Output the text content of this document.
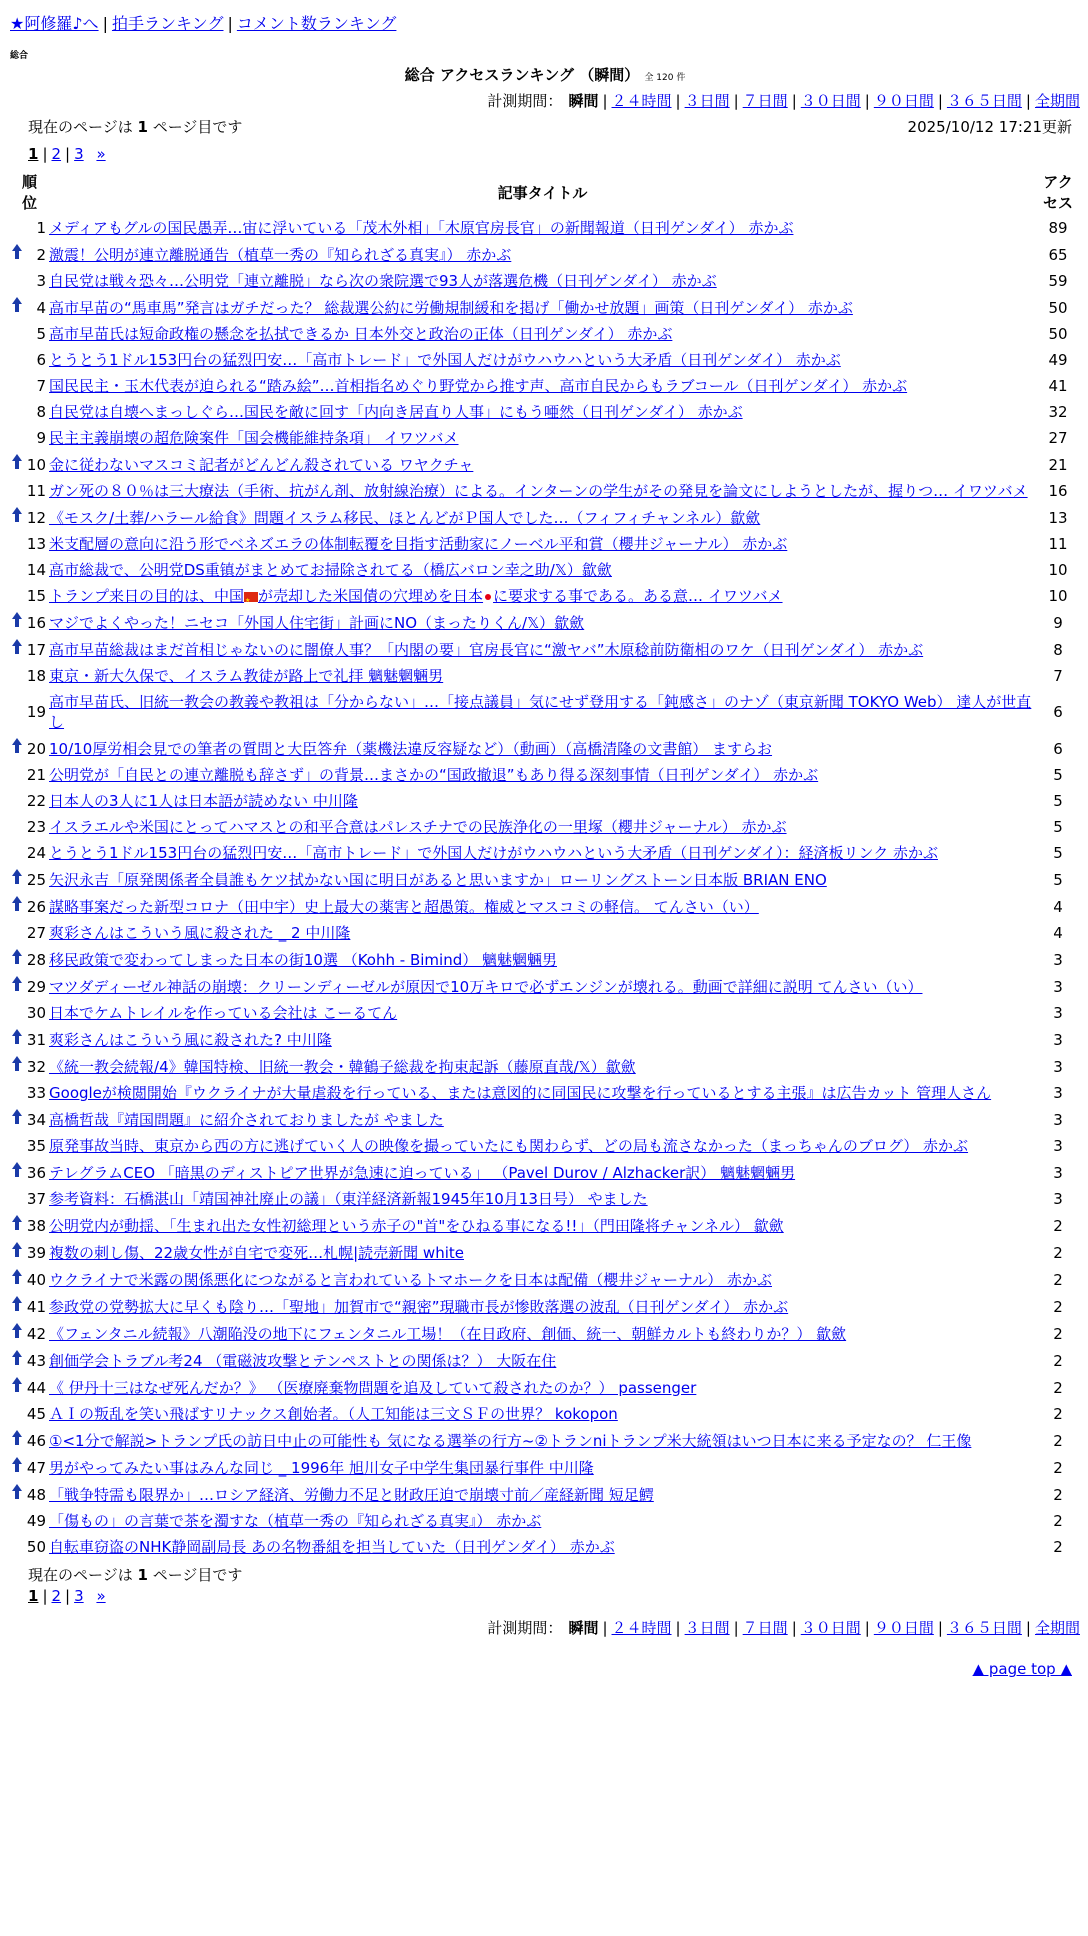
★阿修羅♪へ | 拍手ランキング | コメント数ランキング
総合
総合 アクセスランキング （瞬間） 全 120 件
計測期間： 瞬間 | ２４時間 | ３日間 | ７日間 | ３０日間 | ９０日間 | ３６５日間 | 全期間
現在のページは 1 ページ目です	2025/10/12 17:21更新
1 | 2 | 3 »
順
位		記事タイトル	アク
セス
	1	メディアもグルの国民愚弄…宙に浮いている「茂木外相」「木原官房長官」の新聞報道（日刊ゲンダイ） 赤かぶ	89
	2	激震！公明が連立離脱通告（植草一秀の『知られざる真実』） 赤かぶ	65
	3	自民党は戦々恐々…公明党「連立離脱」なら次の衆院選で93人が落選危機（日刊ゲンダイ） 赤かぶ	59
	4	高市早苗の“馬車馬”発言はガチだった？ 総裁選公約に労働規制緩和を掲げ「働かせ放題」画策（日刊ゲンダイ） 赤かぶ	50
	5	高市早苗氏は短命政権の懸念を払拭できるか 日本外交と政治の正体（日刊ゲンダイ） 赤かぶ	50
	6	とうとう1ドル153円台の猛烈円安…「高市トレード」で外国人だけがウハウハという大矛盾（日刊ゲンダイ） 赤かぶ	49
	7	国民民主・玉木代表が迫られる“踏み絵”…首相指名めぐり野党から推す声、高市自民からもラブコール（日刊ゲンダイ） 赤かぶ	41
	8	自民党は自壊へまっしぐら…国民を敵に回す「内向き居直り人事」にもう唖然（日刊ゲンダイ） 赤かぶ	32
	9	民主主義崩壊の超危険案件「国会機能維持条項」 イワツバメ	27
	10	金に従わないマスコミ記者がどんどん殺されている ワヤクチャ	21
	11	ガン死の８０％は三大療法（手術、抗がん剤、放射線治療）による。インターンの学生がその発見を論文にしようとしたが、握りつ… イワツバメ	16
	12	《モスク/土葬/ハラール給食》問題イスラム移民、ほとんどがＰ国人でした…（フィフィチャンネル）歙歛	13
	13	米支配層の意向に沿う形でベネズエラの体制転覆を目指す活動家にノーベル平和賞（櫻井ジャーナル） 赤かぶ	11
	14	高市総裁で、公明党DS重镇がまとめてお掃除されてる（橋広バロン幸之助/𝕏）歙歛	10
	15	トランプ来日の目的は、中国 ★ が売却した米国債の穴埋めを日本 に要求する事である。ある意… イワツバメ	10
	16	マジでよくやった！ニセコ「外国人住宅街」計画にNO（まったりくん/𝕏）歙歛	9
	17	高市早苗総裁はまだ首相じゃないのに闇僚人事？「内閣の要」官房長官に“激ヤバ”木原稔前防衛相のワケ（日刊ゲンダイ） 赤かぶ	8
	18	東京・新大久保で、イスラム教徒が路上で礼拝 魑魅魍魎男	7
	19	高市早苗氏、旧統一教会の教義や教祖は「分からない」…「接点議員」気にせず登用する「鈍感さ」のナゾ（東京新聞 TOKYO Web） 達人が世直し	6
	20	10/10厚労相会見での筆者の質問と大臣答弁（薬機法違反容疑など）（動画）（高橋清隆の文書館） ますらお	6
	21	公明党が「自民との連立離脱も辞さず」の背景…まさかの“国政撤退”もあり得る深刻事情（日刊ゲンダイ） 赤かぶ	5
	22	日本人の3人に1人は日本語が読めない 中川隆	5
	23	イスラエルや米国にとってハマスとの和平合意はパレスチナでの民族浄化の一里塚（櫻井ジャーナル） 赤かぶ	5
	24	とうとう1ドル153円台の猛烈円安…「高市トレード」で外国人だけがウハウハという大矛盾（日刊ゲンダイ）：経済板リンク 赤かぶ	5
	25	矢沢永吉「原発関係者全員誰もケツ拭かない国に明日があると思いますか」ローリングストーン日本版 BRIAN ENO	5
	26	謀略事案だった新型コロナ（田中宇）史上最大の薬害と超愚策。権威とマスコミの軽信。 てんさい（い）	4
	27	爽彩さんはこういう風に殺された _ 2 中川隆	4
	28	移民政策で変わってしまった日本の街10選 （Kohh - Bimind） 魑魅魍魎男	3
	29	マツダディーゼル神話の崩壊：クリーンディーゼルが原因で10万キロで必ずエンジンが壊れる。動画で詳細に説明 てんさい（い）	3
	30	日本でケムトレイルを作っている会社は こーるてん	3
	31	爽彩さんはこういう風に殺された? 中川隆	3
	32	《統一教会続報/4》韓国特検、旧統一教会・韓鶴子総裁を拘束起訴（藤原直哉/𝕏）歙歛	3
	33	Googleが検閲開始『ウクライナが大量虐殺を行っている、または意図的に同国民に攻撃を行っているとする主張』は広告カット 管理人さん	3
	34	高橋哲哉『靖国問題』に紹介されておりましたが やました	3
	35	原発事故当時、東京から西の方に逃げていく人の映像を撮っていたにも関わらず、どの局も流さなかった（まっちゃんのブログ） 赤かぶ	3
	36	テレグラムCEO 「暗黒のディストピア世界が急速に迫っている」 （Pavel Durov / Alzhacker訳） 魑魅魍魎男	3
	37	参考資料：石橋湛山「靖国神社廃止の議」（東洋経済新報1945年10月13日号） やました	3
	38	公明党内が動揺、「生まれ出た女性初総理という赤子の"首"をひねる事になる!!」（門田隆将チャンネル） 歙歛	2
	39	複数の刺し傷、22歳女性が自宅で変死…札幌|読売新聞 white	2
	40	ウクライナで米露の関係悪化につながると言われているトマホークを日本は配備（櫻井ジャーナル） 赤かぶ	2
	41	参政党の党勢拡大に早くも陰り…「聖地」加賀市で“親密”現職市長が惨敗落選の波乱（日刊ゲンダイ） 赤かぶ	2
	42	《フェンタニル続報》八潮陥没の地下にフェンタニル工場！（在日政府、創価、統一、朝鮮カルトも終わりか？） 歙歛	2
	43	創価学会トラブル考24 （電磁波攻撃とテンペストとの関係は？） 大阪在住	2
	44	《 伊丹十三はなぜ死んだか？》 （医療廃棄物問題を追及していて殺されたのか？） passenger	2
	45	ＡＩの叛乱を笑い飛ばすリナックス創始者。（人工知能は三文ＳＦの世界？ kokopon	2
	46	①<1分で解説>トランプ氏の訪日中止の可能性も 気になる選挙の行方~②トランniトランプ米大統領はいつ日本に来る予定なの？ 仁王像	2
	47	男がやってみたい事はみんな同じ _ 1996年 旭川女子中学生集団暴行事件 中川隆	2
	48	「戦争特需も限界か」…ロシア経済、労働力不足と財政圧迫で崩壊寸前／産経新聞 短足鰐	2
	49	「傷もの」の言葉で茶を濁すな（植草一秀の『知られざる真実』） 赤かぶ	2
	50	自転車窃盗のNHK静岡副局長 あの名物番組を担当していた（日刊ゲンダイ） 赤かぶ	2
現在のページは 1 ページ目です
1 | 2 | 3 »
計測期間： 瞬間 | ２４時間 | ３日間 | ７日間 | ３０日間 | ９０日間 | ３６５日間 | 全期間
▲ page top ▲
